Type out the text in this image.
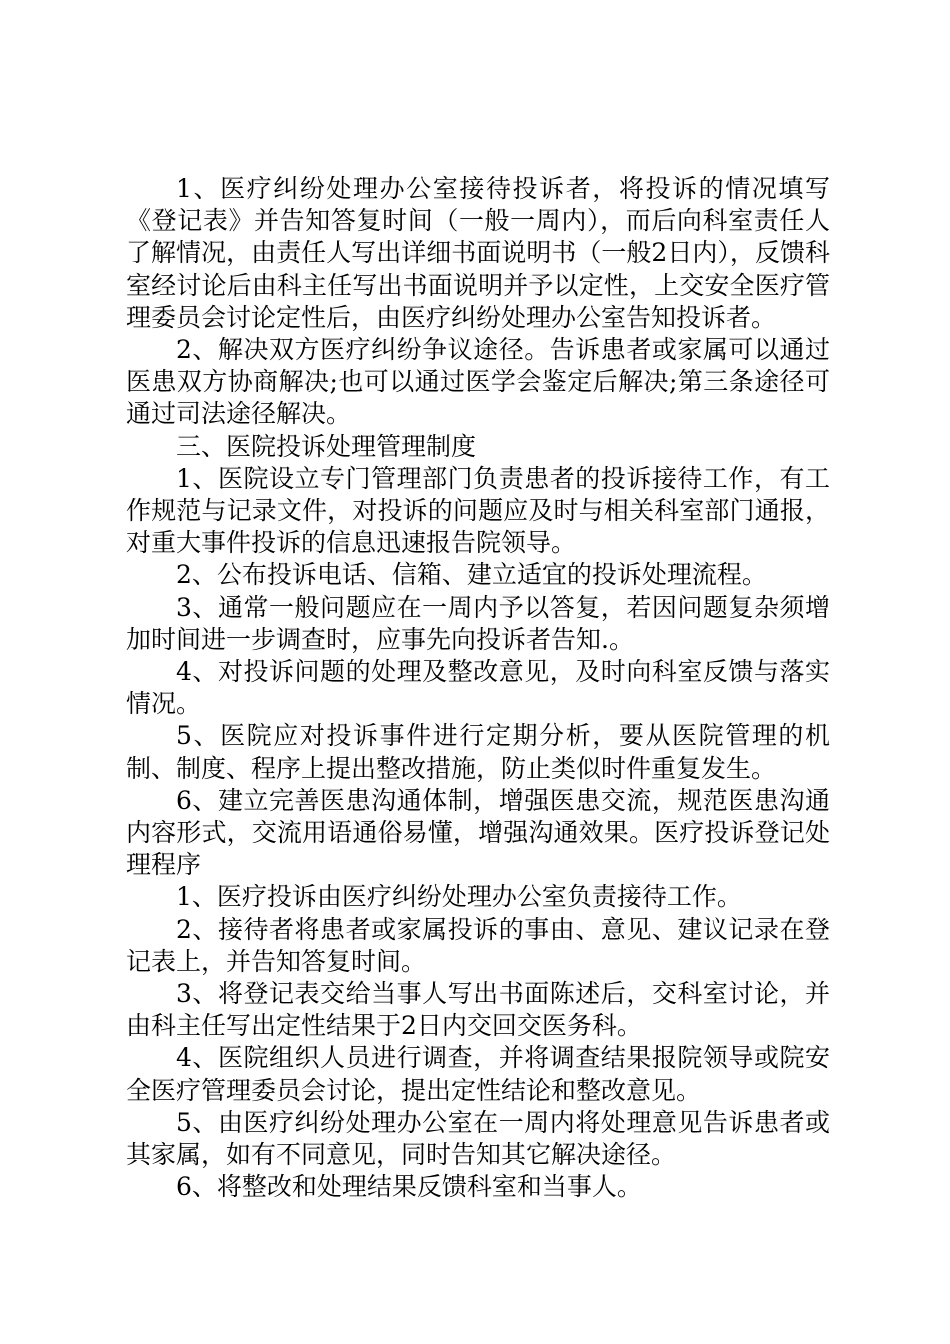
1、医疗纠纷处理办公室接待投诉者，将投诉的情况填写《登记表》并告知答复时间（一般一周内），而后向科室责任人了解情况，由责任人写出详细书面说明书（一般2日内），反馈科室经讨论后由科主任写出书面说明并予以定性，上交安全医疗管理委员会讨论定性后，由医疗纠纷处理办公室告知投诉者。

2、解决双方医疗纠纷争议途径。告诉患者或家属可以通过医患双方协商解决;也可以通过医学会鉴定后解决;第三条途径可通过司法途径解决。

三、医院投诉处理管理制度

1、医院设立专门管理部门负责患者的投诉接待工作，有工作规范与记录文件，对投诉的问题应及时与相关科室部门通报，对重大事件投诉的信息迅速报告院领导。

2、公布投诉电话、信箱、建立适宜的投诉处理流程。

3、通常一般问题应在一周内予以答复，若因问题复杂须增加时间进一步调查时，应事先向投诉者告知.。

4、对投诉问题的处理及整改意见，及时向科室反馈与落实情况。

5、医院应对投诉事件进行定期分析，要从医院管理的机制、制度、程序上提出整改措施，防止类似时件重复发生。

6、建立完善医患沟通体制，增强医患交流，规范医患沟通内容形式，交流用语通俗易懂，增强沟通效果。医疗投诉登记处理程序

1、医疗投诉由医疗纠纷处理办公室负责接待工作。

2、接待者将患者或家属投诉的事由、意见、建议记录在登记表上，并告知答复时间。

3、将登记表交给当事人写出书面陈述后，交科室讨论，并由科主任写出定性结果于2日内交回交医务科。

4、医院组织人员进行调查，并将调查结果报院领导或院安全医疗管理委员会讨论，提出定性结论和整改意见。

5、由医疗纠纷处理办公室在一周内将处理意见告诉患者或其家属，如有不同意见，同时告知其它解决途径。

6、将整改和处理结果反馈科室和当事人。
